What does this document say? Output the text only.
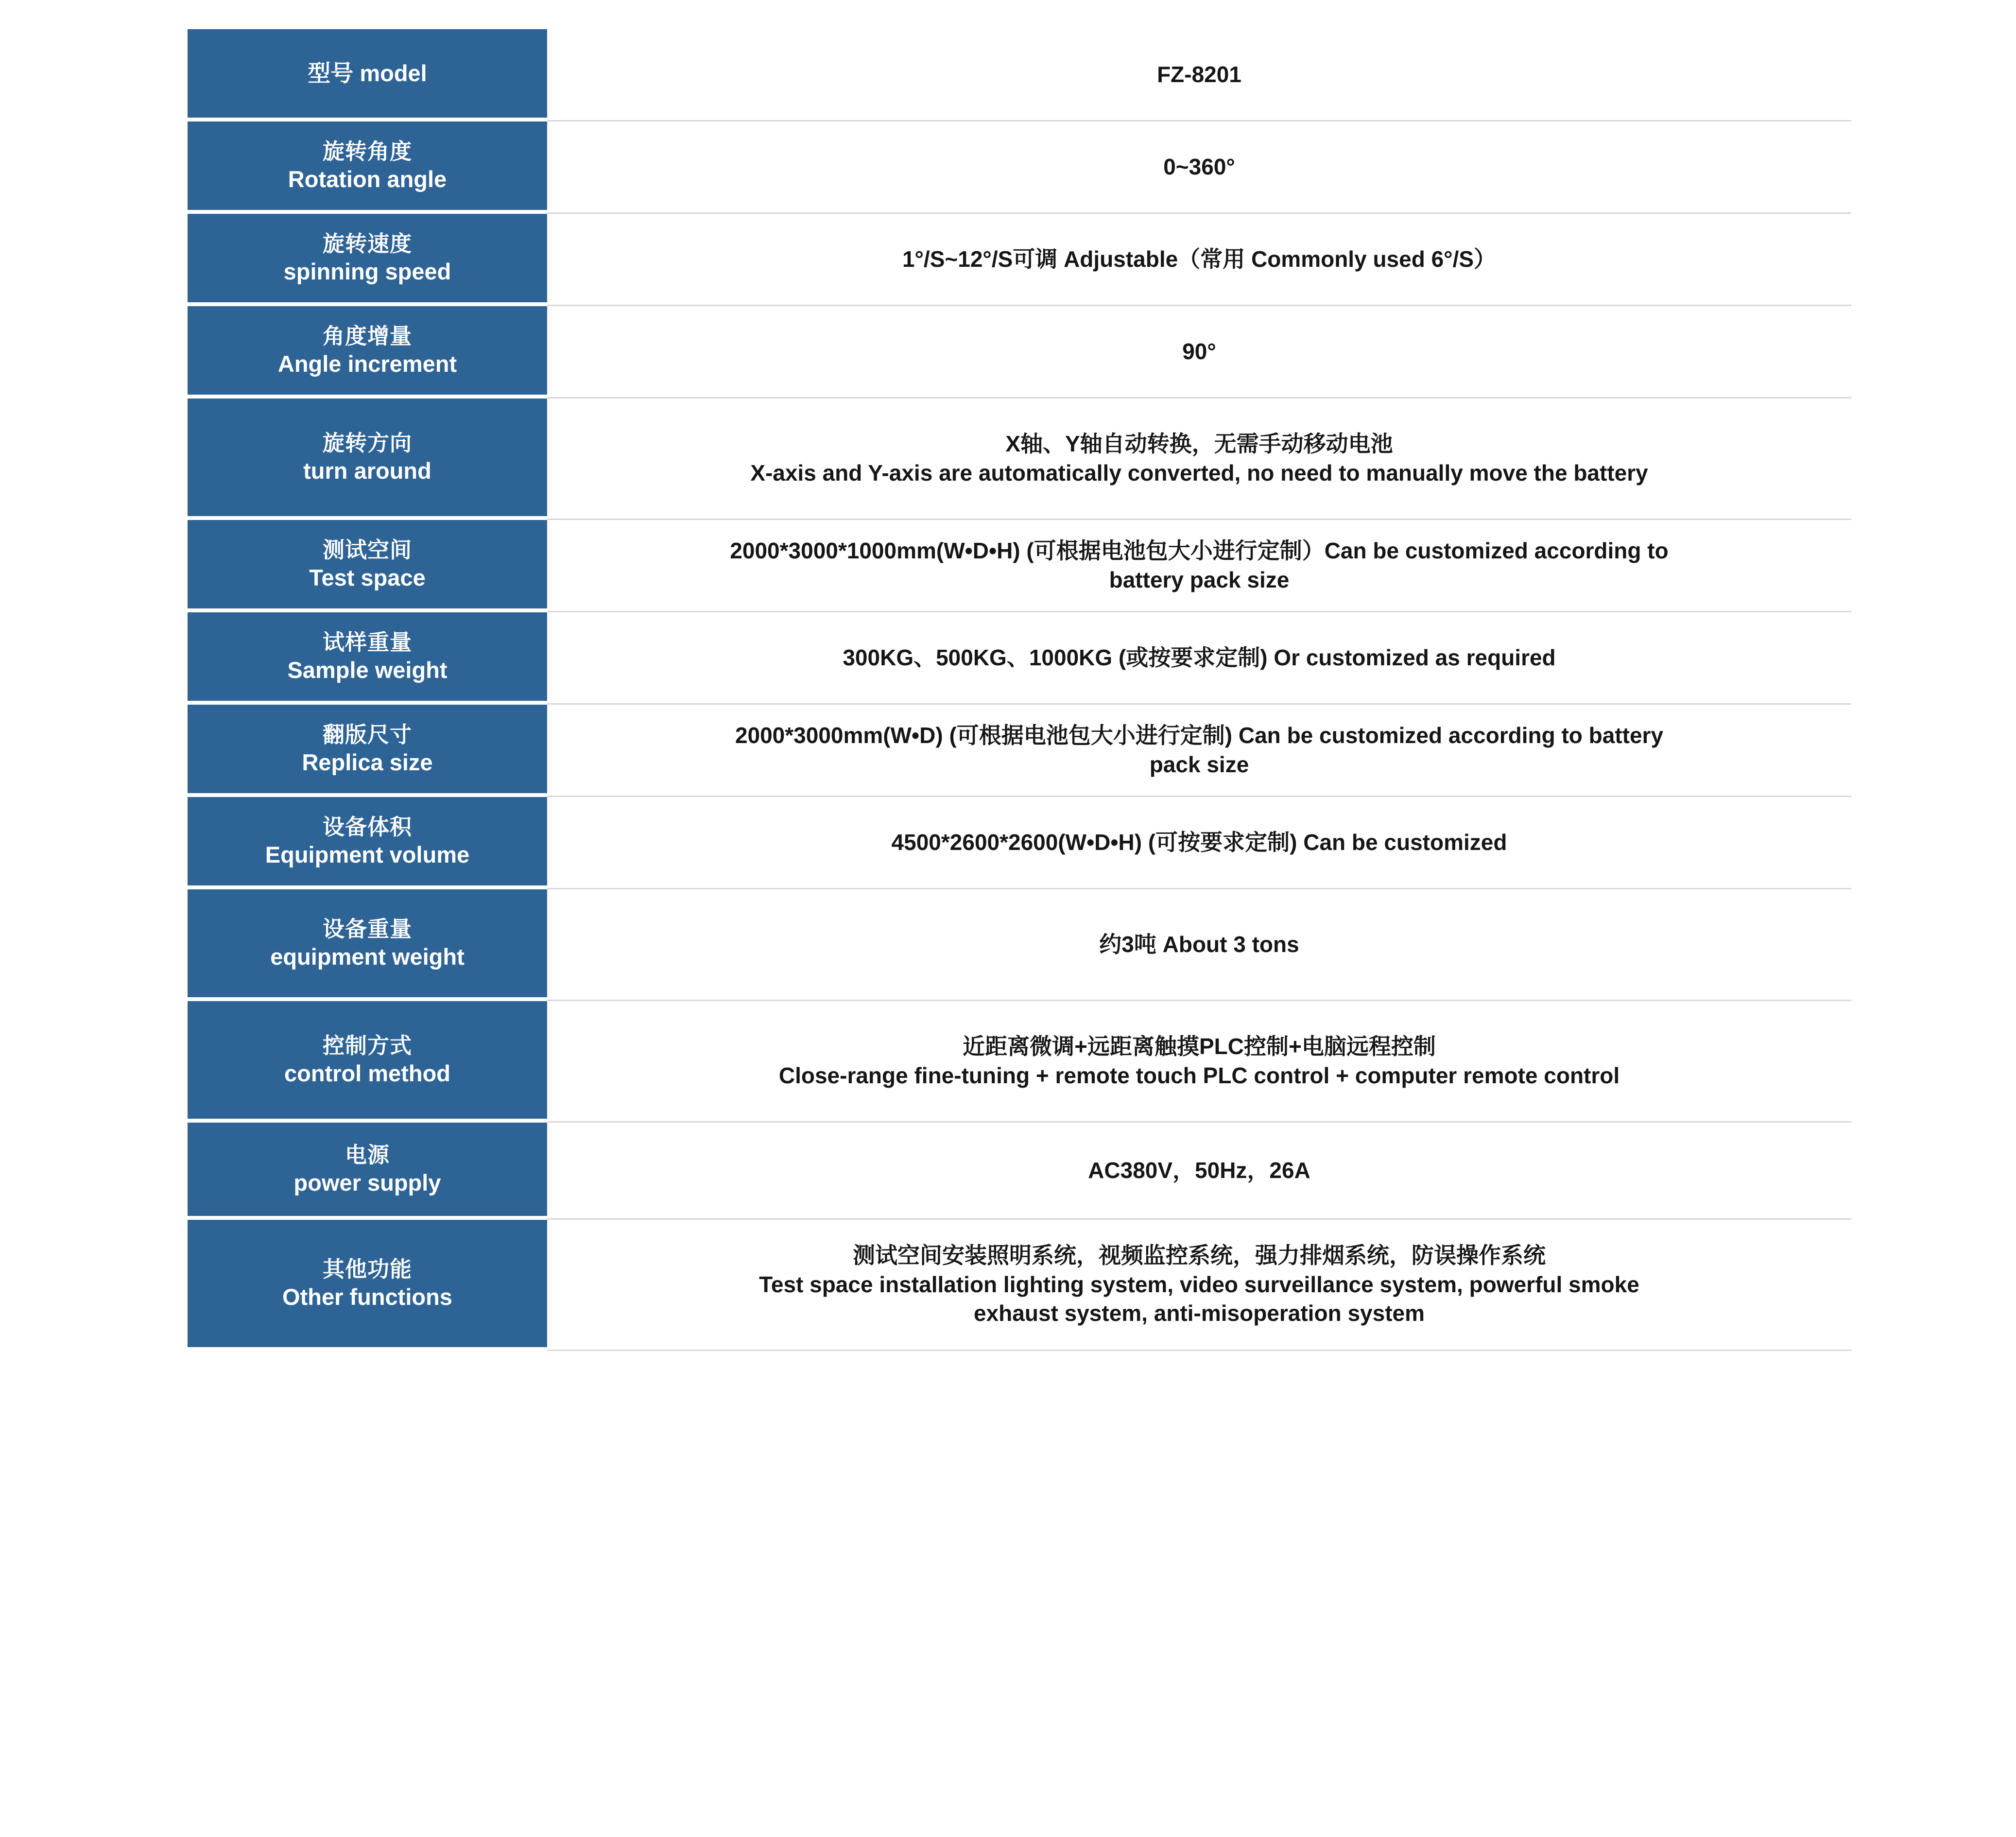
型号 model	FZ-8201

旋转角度
Rotation angle	0~360°

旋转速度
spinning speed	1°/S~12°/S可调 Adjustable（常用 Commonly used 6°/S）

角度增量
Angle increment	90°

旋转方向
turn around	X轴、Y轴自动转换，无需手动移动电池
X-axis and Y-axis are automatically converted, no need to manually move the battery

测试空间
Test space	2000*3000*1000mm(W•D•H) (可根据电池包大小进行定制）Can be customized according to
battery pack size

试样重量
Sample weight	300KG、500KG、1000KG (或按要求定制) Or customized as required

翻版尺寸
Replica size	2000*3000mm(W•D) (可根据电池包大小进行定制) Can be customized according to battery
pack size

设备体积
Equipment volume	4500*2600*2600(W•D•H) (可按要求定制) Can be customized

设备重量
equipment weight	约3吨 About 3 tons

控制方式
control method	近距离微调+远距离触摸PLC控制+电脑远程控制
Close-range fine-tuning + remote touch PLC control + computer remote control

电源
power supply	AC380V，50Hz，26A

其他功能
Other functions	测试空间安装照明系统，视频监控系统，强力排烟系统，防误操作系统
Test space installation lighting system, video surveillance system, powerful smoke
exhaust system, anti-misoperation system
